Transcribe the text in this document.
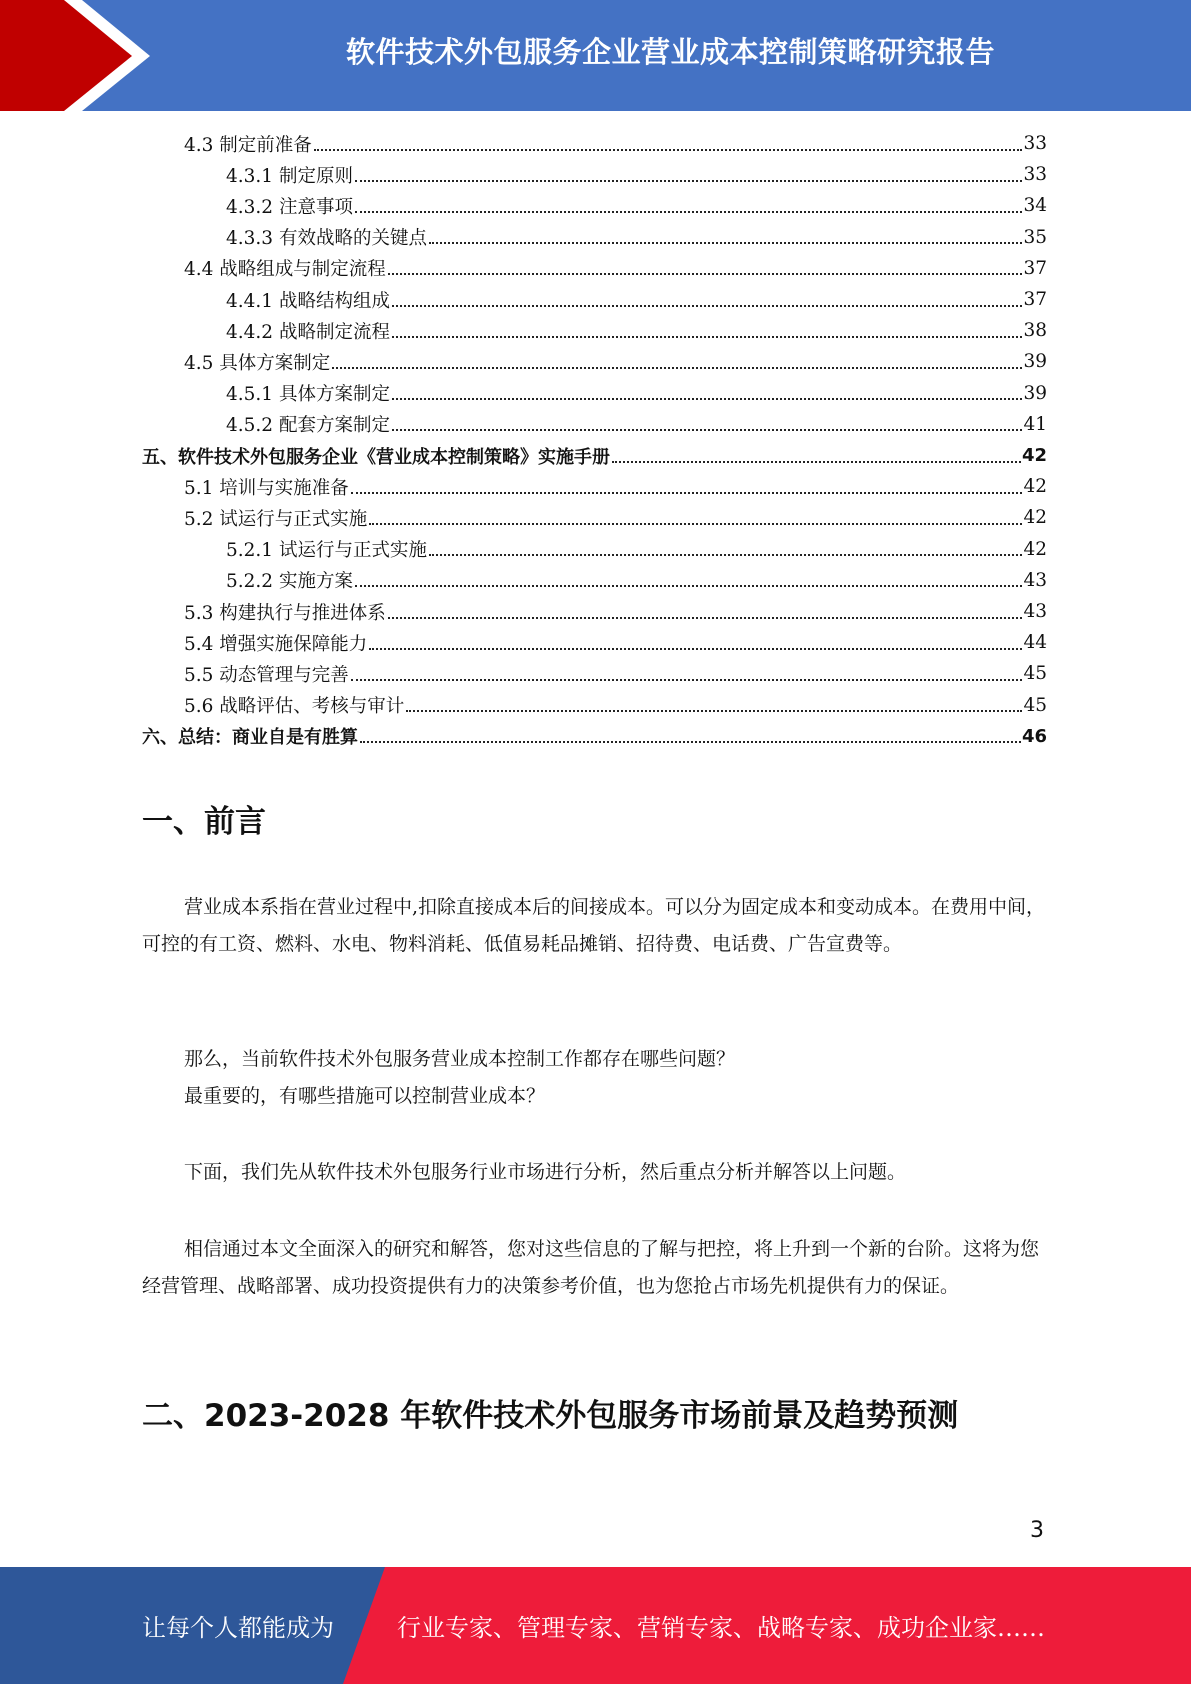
软件技术外包服务企业营业成本控制策略研究报告
4.3 制定前准备	33
4.3.1 制定原则	33
4.3.2 注意事项	34
4.3.3 有效战略的关键点	35
4.4 战略组成与制定流程	37
4.4.1 战略结构组成	37
4.4.2 战略制定流程	38
4.5 具体方案制定	39
4.5.1 具体方案制定	39
4.5.2 配套方案制定	41
五、软件技术外包服务企业《营业成本控制策略》实施手册	42
5.1 培训与实施准备	42
5.2 试运行与正式实施	42
5.2.1 试运行与正式实施	42
5.2.2 实施方案	43
5.3 构建执行与推进体系	43
5.4 增强实施保障能力	44
5.5 动态管理与完善	45
5.6 战略评估、考核与审计	45
六、总结：商业自是有胜算	46
一、前言
营业成本系指在营业过程中,扣除直接成本后的间接成本。可以分为固定成本和变动成本。在费用中间，可控的有工资、燃料、水电、物料消耗、低值易耗品摊销、招待费、电话费、广告宣费等。
那么，当前软件技术外包服务营业成本控制工作都存在哪些问题？
最重要的，有哪些措施可以控制营业成本？
下面，我们先从软件技术外包服务行业市场进行分析，然后重点分析并解答以上问题。
相信通过本文全面深入的研究和解答，您对这些信息的了解与把控，将上升到一个新的台阶。这将为您经营管理、战略部署、成功投资提供有力的决策参考价值，也为您抢占市场先机提供有力的保证。
二、2023-2028 年软件技术外包服务市场前景及趋势预测
3
让每个人都能成为	行业专家、管理专家、营销专家、战略专家、成功企业家……
